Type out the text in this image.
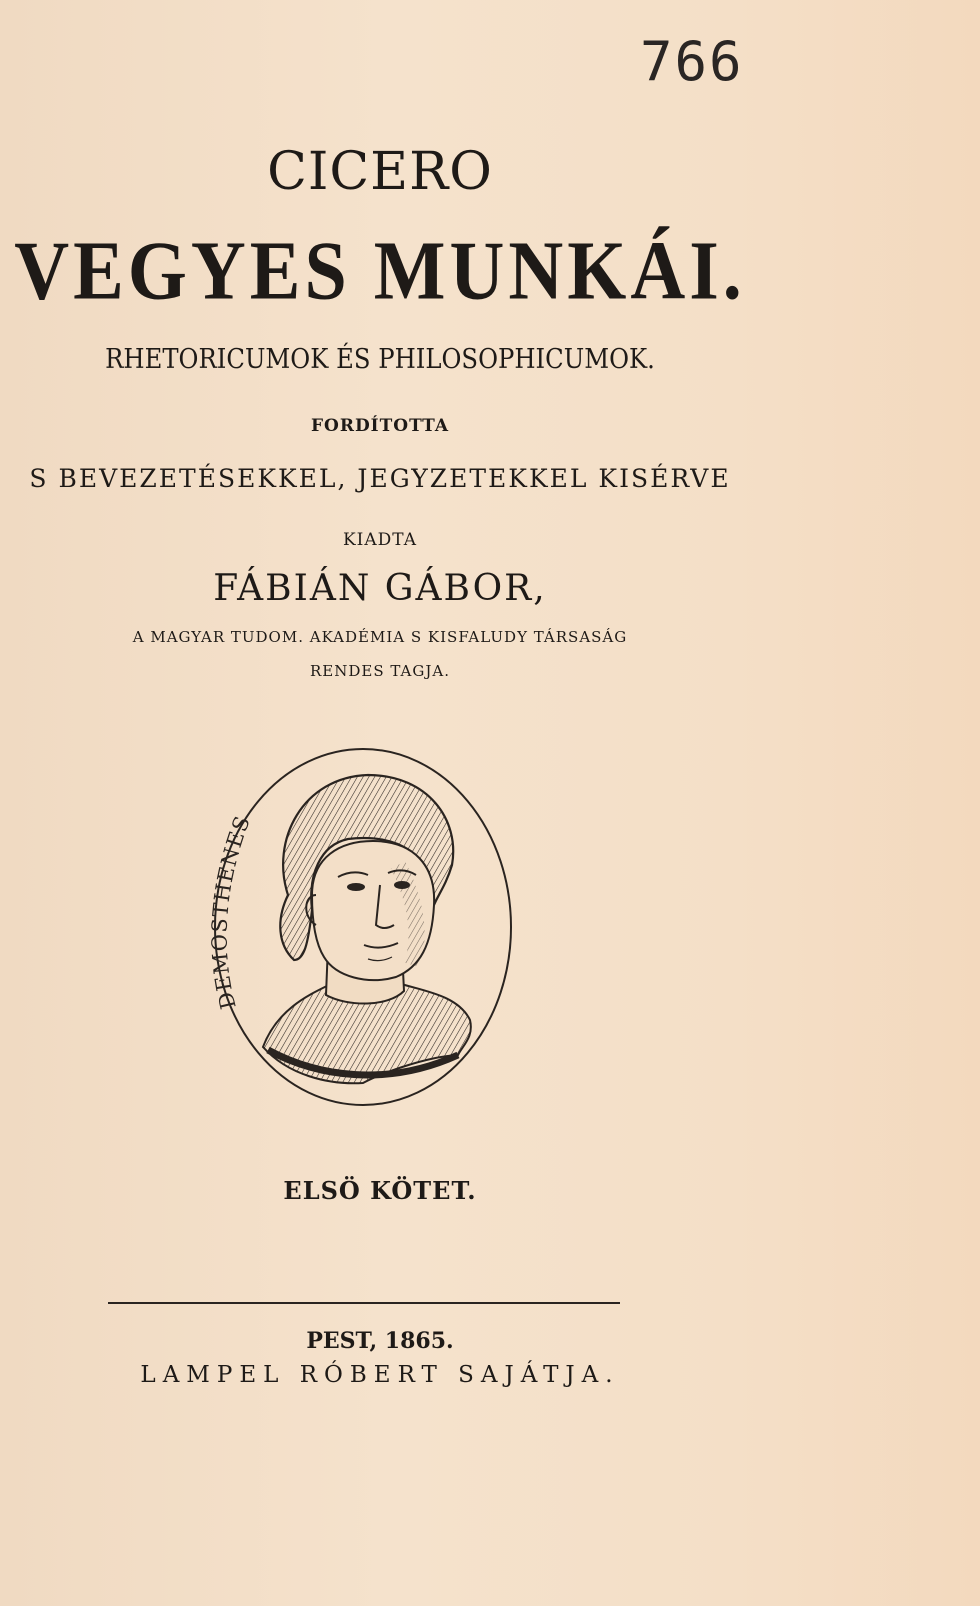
766
CICERO
VEGYES MUNKÁI.
RHETORICUMOK ÉS PHILOSOPHICUMOK.
FORDÍTOTTA
S BEVEZETÉSEKKEL, JEGYZETEKKEL KISÉRVE
KIADTA
FÁBIÁN GÁBOR,
A MAGYAR TUDOM. AKADÉMIA S KISFALUDY TÁRSASÁG
RENDES TAGJA.
DEMOSTHENES
ELSÖ KÖTET.
PEST, 1865.
LAMPEL RÓBERT SAJÁTJA.
